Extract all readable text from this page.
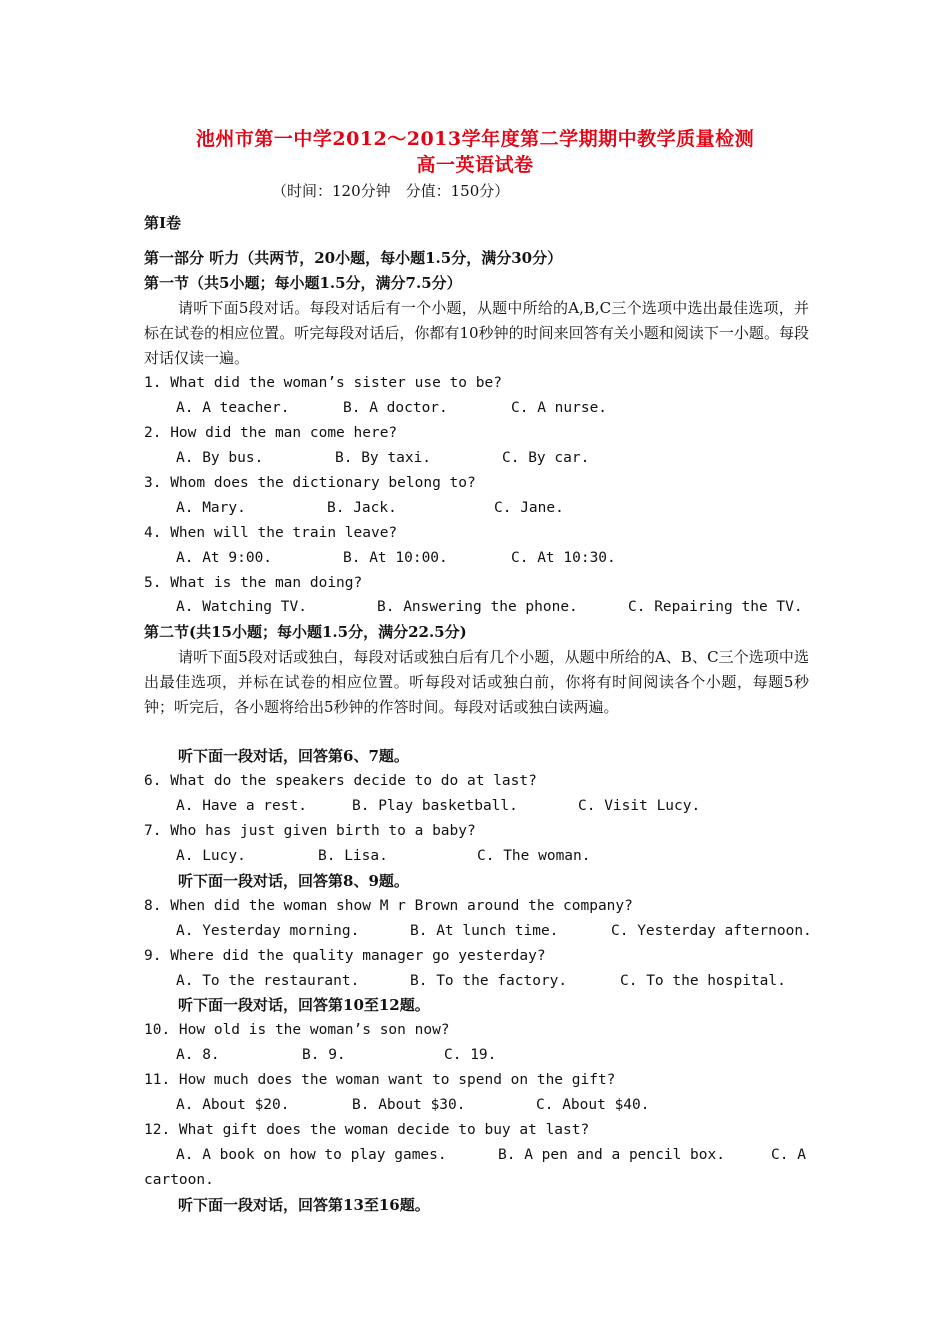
池州市第一中学2012～2013学年度第二学期期中教学质量检测
高一英语试卷
（时间：120分钟　分值：150分）
第Ⅰ卷
第一部分 听力（共两节，20小题，每小题1.5分，满分30分）
第一节（共5小题；每小题1.5分，满分7.5分）
请听下面5段对话。每段对话后有一个小题，从题中所给的A,B,C三个选项中选出最佳选项，并标在试卷的相应位置。听完每段对话后，你都有10秒钟的时间来回答有关小题和阅读下一小题。每段对话仅读一遍。
1. What did the woman’s sister use to be?
A. A teacher.	B. A doctor.	C. A nurse.
2. How did the man come here?
A. By bus.	B. By taxi.	C. By car.
3. Whom does the dictionary belong to?
A. Mary.	B. Jack.	C. Jane.
4. When will the train leave?
A. At 9:00.	B. At 10:00.	C. At 10:30.
5. What is the man doing?
A. Watching TV.	B. Answering the phone.	C. Repairing the TV.
第二节(共15小题；每小题1.5分，满分22.5分)
请听下面5段对话或独白，每段对话或独白后有几个小题，从题中所给的A、B、C三个选项中选出最佳选项，并标在试卷的相应位置。听每段对话或独白前，你将有时间阅读各个小题，每题5秒钟；听完后，各小题将给出5秒钟的作答时间。每段对话或独白读两遍。
听下面一段对话，回答第6、7题。
6. What do the speakers decide to do at last?
A. Have a rest.	B. Play basketball.	C. Visit Lucy.
7. Who has just given birth to a baby?
A. Lucy.	B. Lisa.	C. The woman.
听下面一段对话，回答第8、9题。
8. When did the woman show M r Brown around the company?
A. Yesterday morning.	B. At lunch time.	C. Yesterday afternoon.
9. Where did the quality manager go yesterday?
A. To the restaurant.	B. To the factory.	C. To the hospital.
听下面一段对话，回答第10至12题。
10. How old is the woman’s son now?
A. 8.	B. 9.	C. 19.
11. How much does the woman want to spend on the gift?
A. About $20.	B. About $30.	C. About $40.
12. What gift does the woman decide to buy at last?
A. A book on how to play games.	B. A pen and a pencil box.	C. A
cartoon.
听下面一段对话，回答第13至16题。
